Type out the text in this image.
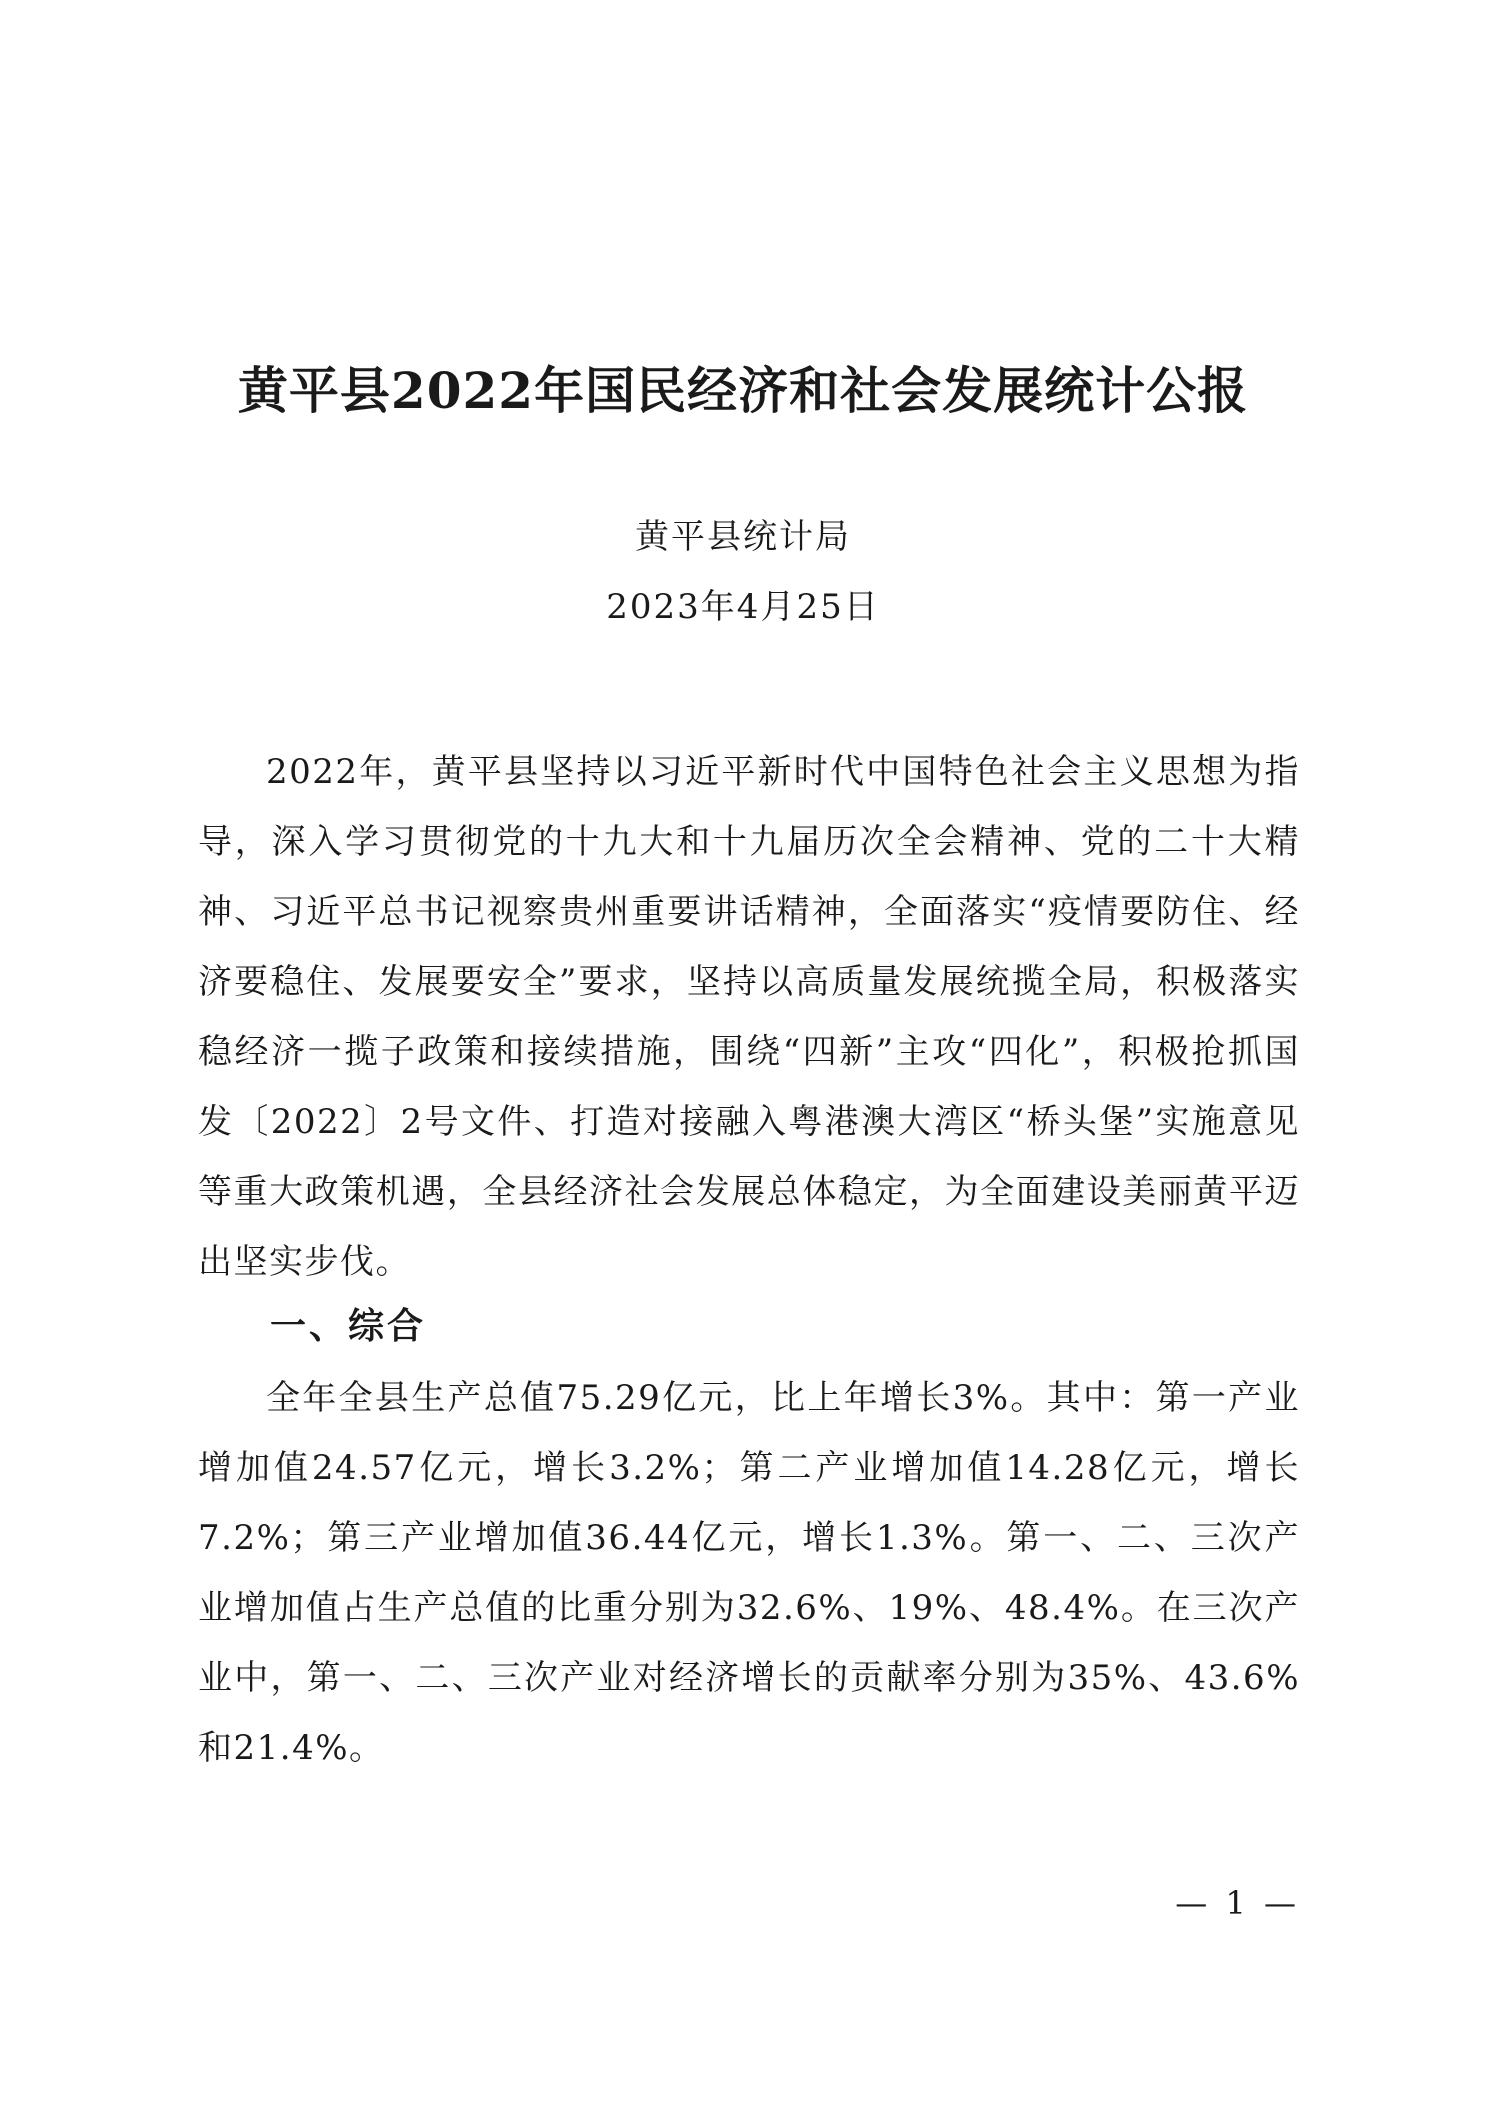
黄平县2022年国民经济和社会发展统计公报
黄平县统计局
2023年4月25日

2022年，黄平县坚持以习近平新时代中国特色社会主义思想为指导，深入学习贯彻党的十九大和十九届历次全会精神、党的二十大精神、习近平总书记视察贵州重要讲话精神，全面落实“疫情要防住、经济要稳住、发展要安全”要求，坚持以高质量发展统揽全局，积极落实稳经济一揽子政策和接续措施，围绕“四新”主攻“四化”，积极抢抓国发〔2022〕2号文件、打造对接融入粤港澳大湾区“桥头堡”实施意见等重大政策机遇，全县经济社会发展总体稳定，为全面建设美丽黄平迈出坚实步伐。

一、综合

全年全县生产总值75.29亿元，比上年增长3%。其中：第一产业增加值24.57亿元，增长3.2%；第二产业增加值14.28亿元，增长7.2%；第三产业增加值36.44亿元，增长1.3%。第一、二、三次产业增加值占生产总值的比重分别为32.6%、19%、48.4%。在三次产业中，第一、二、三次产业对经济增长的贡献率分别为35%、43.6%和21.4%。

— 1 —
